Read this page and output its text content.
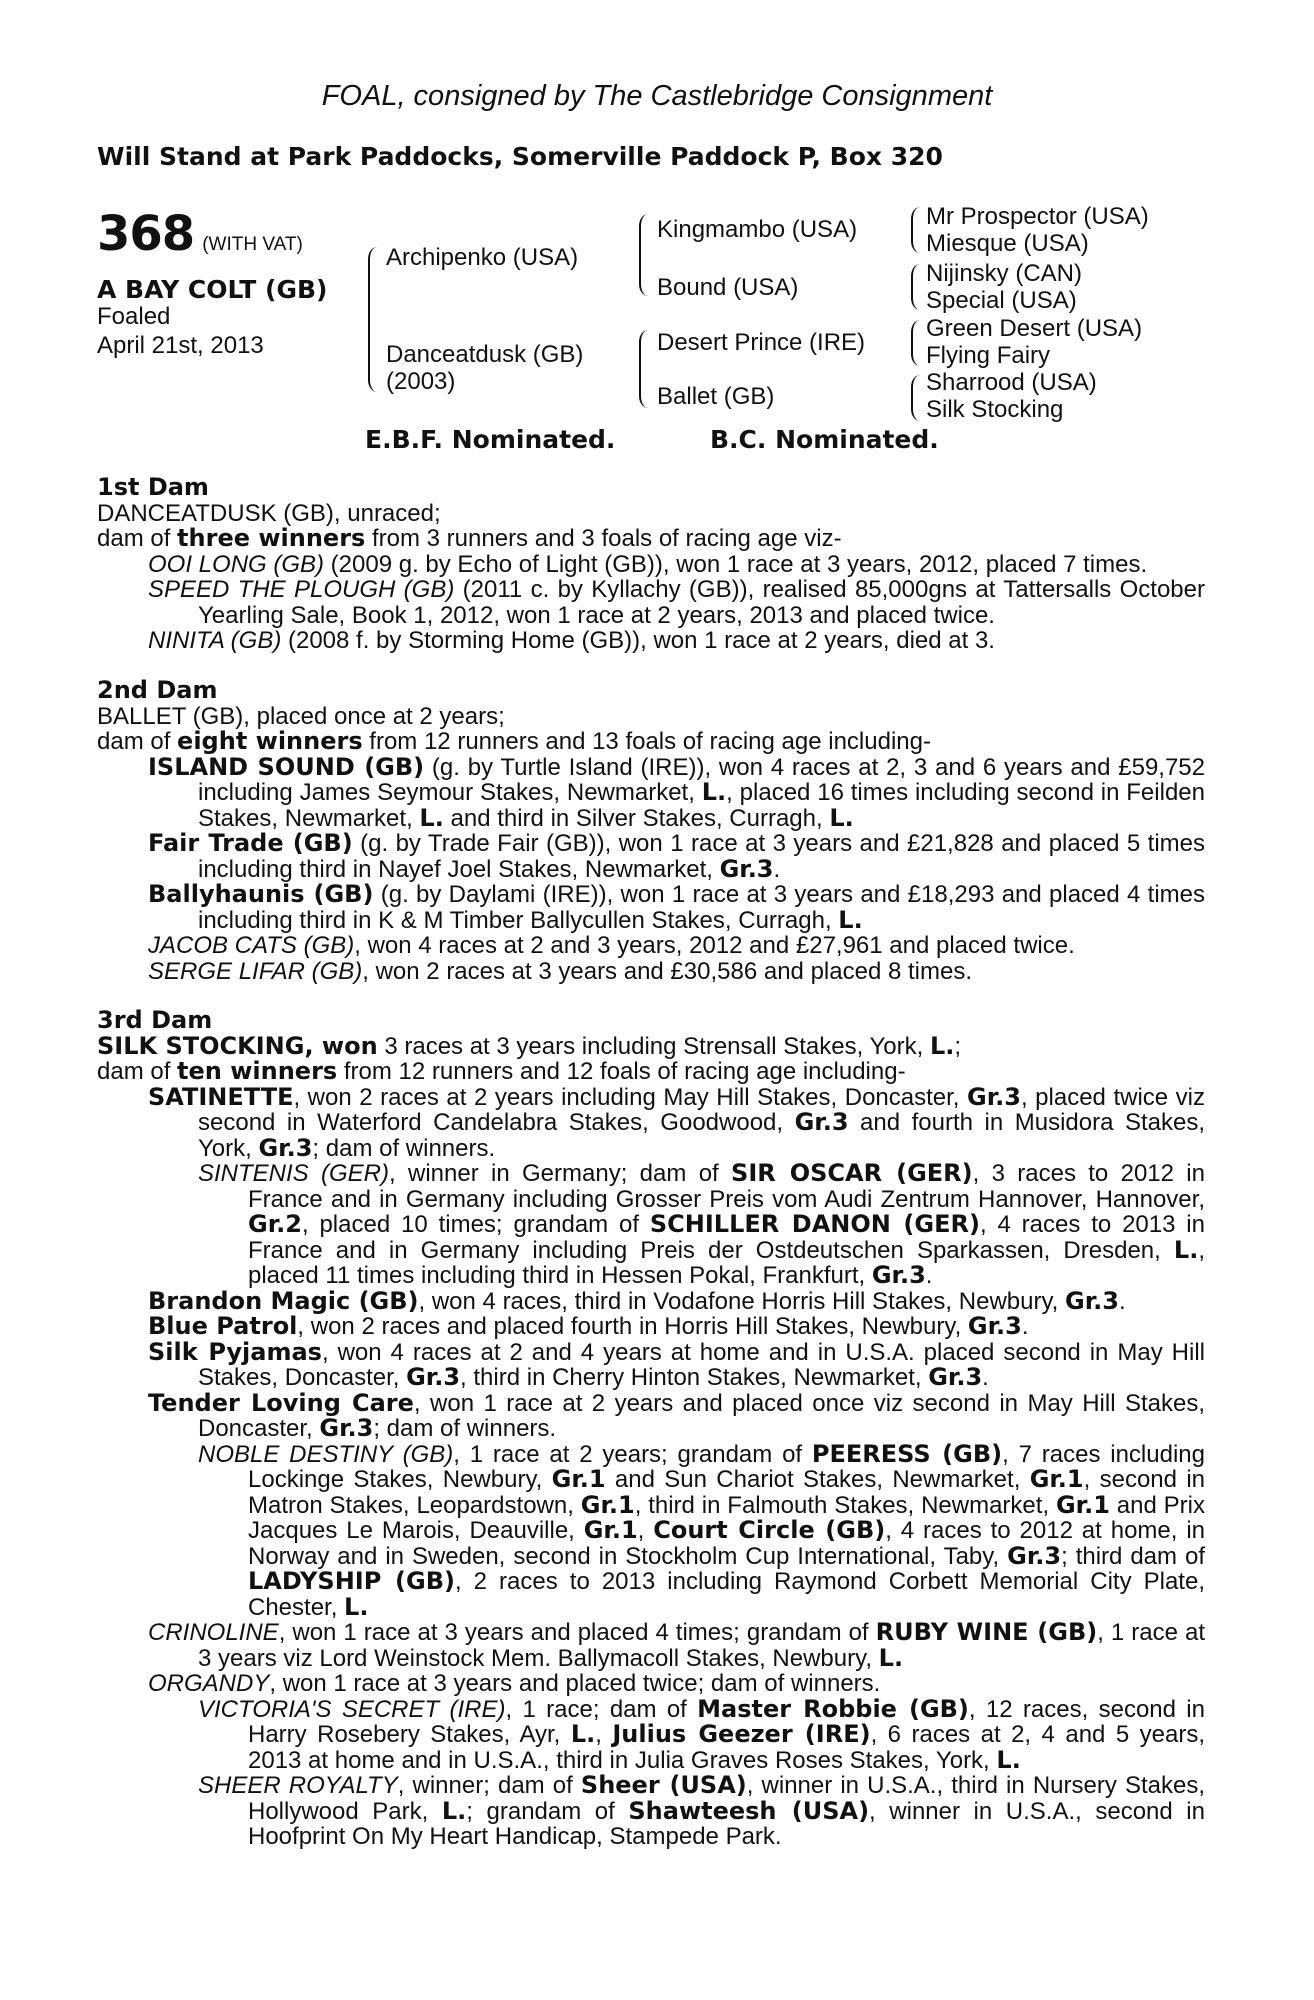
FOAL, consigned by The Castlebridge Consignment
Will Stand at Park Paddocks, Somerville Paddock P, Box 320
368 (WITH VAT)
A BAY COLT (GB)
Foaled
April 21st, 2013
Archipenko (USA)
Danceatdusk (GB)
(2003)
Kingmambo (USA)
Bound (USA)
Desert Prince (IRE)
Ballet (GB)
Mr Prospector (USA)
Miesque (USA)
Nijinsky (CAN)
Special (USA)
Green Desert (USA)
Flying Fairy
Sharrood (USA)
Silk Stocking
E.B.F. Nominated.	B.C. Nominated.

1st Dam

DANCEATDUSK (GB), unraced;

dam of three winners from 3 runners and 3 foals of racing age viz-

OOI LONG (GB) (2009 g. by Echo of Light (GB)), won 1 race at 3 years, 2012, placed 7 times.

SPEED THE PLOUGH (GB) (2011 c. by Kyllachy (GB)), realised 85,000gns at Tattersalls October Yearling Sale, Book 1, 2012, won 1 race at 2 years, 2013 and placed twice.

NINITA (GB) (2008 f. by Storming Home (GB)), won 1 race at 2 years, died at 3.

2nd Dam

BALLET (GB), placed once at 2 years;

dam of eight winners from 12 runners and 13 foals of racing age including-

ISLAND SOUND (GB) (g. by Turtle Island (IRE)), won 4 races at 2, 3 and 6 years and £59,752 including James Seymour Stakes, Newmarket, L., placed 16 times including second in Feilden Stakes, Newmarket, L. and third in Silver Stakes, Curragh, L.

Fair Trade (GB) (g. by Trade Fair (GB)), won 1 race at 3 years and £21,828 and placed 5 times including third in Nayef Joel Stakes, Newmarket, Gr.3.

Ballyhaunis (GB) (g. by Daylami (IRE)), won 1 race at 3 years and £18,293 and placed 4 times including third in K & M Timber Ballycullen Stakes, Curragh, L.

JACOB CATS (GB), won 4 races at 2 and 3 years, 2012 and £27,961 and placed twice.

SERGE LIFAR (GB), won 2 races at 3 years and £30,586 and placed 8 times.

3rd Dam

SILK STOCKING, won 3 races at 3 years including Strensall Stakes, York, L.;

dam of ten winners from 12 runners and 12 foals of racing age including-

SATINETTE, won 2 races at 2 years including May Hill Stakes, Doncaster, Gr.3, placed twice viz second in Waterford Candelabra Stakes, Goodwood, Gr.3 and fourth in Musidora Stakes, York, Gr.3; dam of winners.

SINTENIS (GER), winner in Germany; dam of SIR OSCAR (GER), 3 races to 2012 in France and in Germany including Grosser Preis vom Audi Zentrum Hannover, Hannover, Gr.2, placed 10 times; grandam of SCHILLER DANON (GER), 4 races to 2013 in France and in Germany including Preis der Ostdeutschen Sparkassen, Dresden, L., placed 11 times including third in Hessen Pokal, Frankfurt, Gr.3.

Brandon Magic (GB), won 4 races, third in Vodafone Horris Hill Stakes, Newbury, Gr.3.

Blue Patrol, won 2 races and placed fourth in Horris Hill Stakes, Newbury, Gr.3.

Silk Pyjamas, won 4 races at 2 and 4 years at home and in U.S.A. placed second in May Hill Stakes, Doncaster, Gr.3, third in Cherry Hinton Stakes, Newmarket, Gr.3.

Tender Loving Care, won 1 race at 2 years and placed once viz second in May Hill Stakes, Doncaster, Gr.3; dam of winners.

NOBLE DESTINY (GB), 1 race at 2 years; grandam of PEERESS (GB), 7 races including Lockinge Stakes, Newbury, Gr.1 and Sun Chariot Stakes, Newmarket, Gr.1, second in Matron Stakes, Leopardstown, Gr.1, third in Falmouth Stakes, Newmarket, Gr.1 and Prix Jacques Le Marois, Deauville, Gr.1, Court Circle (GB), 4 races to 2012 at home, in Norway and in Sweden, second in Stockholm Cup International, Taby, Gr.3; third dam of LADYSHIP (GB), 2 races to 2013 including Raymond Corbett Memorial City Plate, Chester, L.

CRINOLINE, won 1 race at 3 years and placed 4 times; grandam of RUBY WINE (GB), 1 race at 3 years viz Lord Weinstock Mem. Ballymacoll Stakes, Newbury, L.

ORGANDY, won 1 race at 3 years and placed twice; dam of winners.

VICTORIA'S SECRET (IRE), 1 race; dam of Master Robbie (GB), 12 races, second in Harry Rosebery Stakes, Ayr, L., Julius Geezer (IRE), 6 races at 2, 4 and 5 years, 2013 at home and in U.S.A., third in Julia Graves Roses Stakes, York, L.

SHEER ROYALTY, winner; dam of Sheer (USA), winner in U.S.A., third in Nursery Stakes, Hollywood Park, L.; grandam of Shawteesh (USA), winner in U.S.A., second in Hoofprint On My Heart Handicap, Stampede Park.
